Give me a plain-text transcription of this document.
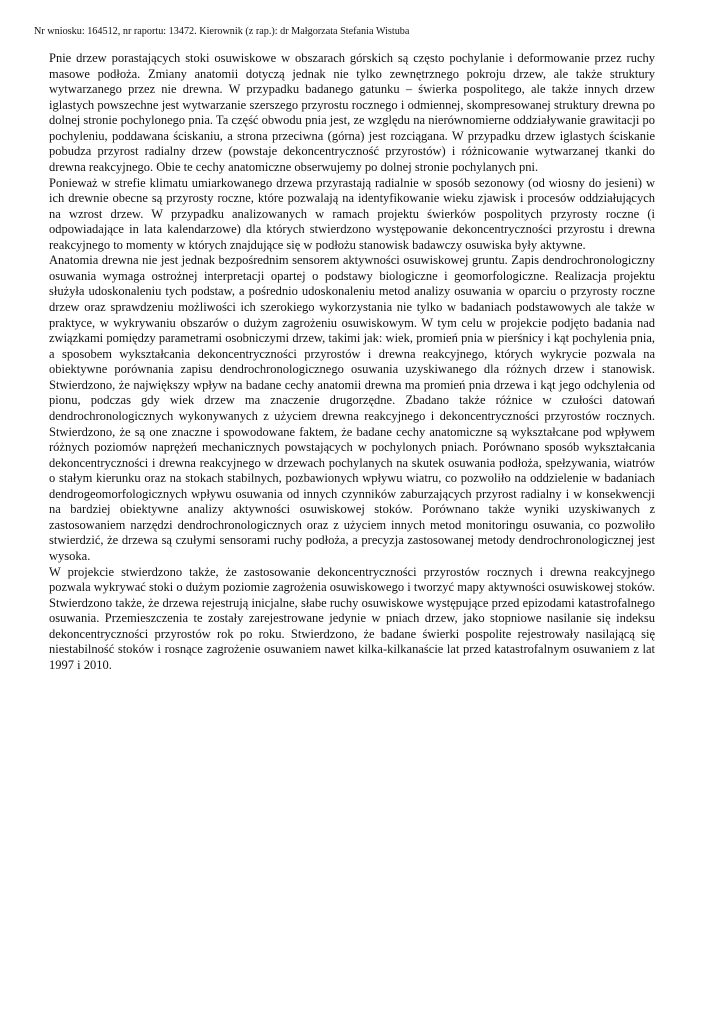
Nr wniosku: 164512, nr raportu: 13472. Kierownik (z rap.): dr Małgorzata Stefania Wistuba

Pnie drzew porastających stoki osuwiskowe w obszarach górskich są często pochylanie i deformowanie przez ruchy masowe podłoża. Zmiany anatomii dotyczą jednak nie tylko zewnętrznego pokroju drzew, ale także struktury wytwarzanego przez nie drewna. W przypadku badanego gatunku – świerka pospolitego, ale także innych drzew iglastych powszechne jest wytwarzanie szerszego przyrostu rocznego i odmiennej, skompresowanej struktury drewna po dolnej stronie pochylonego pnia. Ta część obwodu pnia jest, ze względu na nierównomierne oddziaływanie grawitacji po pochyleniu, poddawana ściskaniu, a strona przeciwna (górna) jest rozciągana. W przypadku drzew iglastych ściskanie pobudza przyrost radialny drzew (powstaje dekoncentryczność przyrostów) i różnicowanie wytwarzanej tkanki do drewna reakcyjnego. Obie te cechy anatomiczne obserwujemy po dolnej stronie pochylanych pni.

Ponieważ w strefie klimatu umiarkowanego drzewa przyrastają radialnie w sposób sezonowy (od wiosny do jesieni) w ich drewnie obecne są przyrosty roczne, które pozwalają na identyfikowanie wieku zjawisk i procesów oddziałujących na wzrost drzew. W przypadku analizowanych w ramach projektu świerków pospolitych przyrosty roczne (i odpowiadające in lata kalendarzowe) dla których stwierdzono występowanie dekoncentryczności przyrostu i drewna reakcyjnego to momenty w których znajdujące się w podłożu stanowisk badawczy osuwiska były aktywne.

Anatomia drewna nie jest jednak bezpośrednim sensorem aktywności osuwiskowej gruntu. Zapis dendrochronologiczny osuwania wymaga ostrożnej interpretacji opartej o podstawy biologiczne i geomorfologiczne. Realizacja projektu służyła udoskonaleniu tych podstaw, a pośrednio udoskonaleniu metod analizy osuwania w oparciu o przyrosty roczne drzew oraz sprawdzeniu możliwości ich szerokiego wykorzystania nie tylko w badaniach podstawowych ale także w praktyce, w wykrywaniu obszarów o dużym zagrożeniu osuwiskowym. W tym celu w projekcie podjęto badania nad związkami pomiędzy parametrami osobniczymi drzew, takimi jak: wiek, promień pnia w pierśnicy i kąt pochylenia pnia, a sposobem wykształcania dekoncentryczności przyrostów i drewna reakcyjnego, których wykrycie pozwala na obiektywne porównania zapisu dendrochronologicznego osuwania uzyskiwanego dla różnych drzew i stanowisk. Stwierdzono, że największy wpływ na badane cechy anatomii drewna ma promień pnia drzewa i kąt jego odchylenia od pionu, podczas gdy wiek drzew ma znaczenie drugorzędne. Zbadano także różnice w czułości datowań dendrochronologicznych wykonywanych z użyciem drewna reakcyjnego i dekoncentryczności przyrostów rocznych. Stwierdzono, że są one znaczne i spowodowane faktem, że badane cechy anatomiczne są wykształcane pod wpływem różnych poziomów naprężeń mechanicznych powstających w pochylonych pniach. Porównano sposób wykształcania dekoncentryczności i drewna reakcyjnego w drzewach pochylanych na skutek osuwania podłoża, spełzywania, wiatrów o stałym kierunku oraz na stokach stabilnych, pozbawionych wpływu wiatru, co pozwoliło na oddzielenie w badaniach dendrogeomorfologicznych wpływu osuwania od innych czynników zaburzających przyrost radialny i w konsekwencji na bardziej obiektywne analizy aktywności osuwiskowej stoków. Porównano także wyniki uzyskiwanych z zastosowaniem narzędzi dendrochronologicznych oraz z użyciem innych metod monitoringu osuwania, co pozwoliło stwierdzić, że drzewa są czułymi sensorami ruchy podłoża, a precyzja zastosowanej metody dendrochronologicznej jest wysoka.

W projekcie stwierdzono także, że zastosowanie dekoncentryczności przyrostów rocznych i drewna reakcyjnego pozwala wykrywać stoki o dużym poziomie zagrożenia osuwiskowego i tworzyć mapy aktywności osuwiskowej stoków. Stwierdzono także, że drzewa rejestrują inicjalne, słabe ruchy osuwiskowe występujące przed epizodami katastrofalnego osuwania. Przemieszczenia te zostały zarejestrowane jedynie w pniach drzew, jako stopniowe nasilanie się indeksu dekoncentryczności przyrostów rok po roku. Stwierdzono, że badane świerki pospolite rejestrowały nasilającą się niestabilność stoków i rosnące zagrożenie osuwaniem nawet kilka-kilkanaście lat przed katastrofalnym osuwaniem z lat 1997 i 2010.
